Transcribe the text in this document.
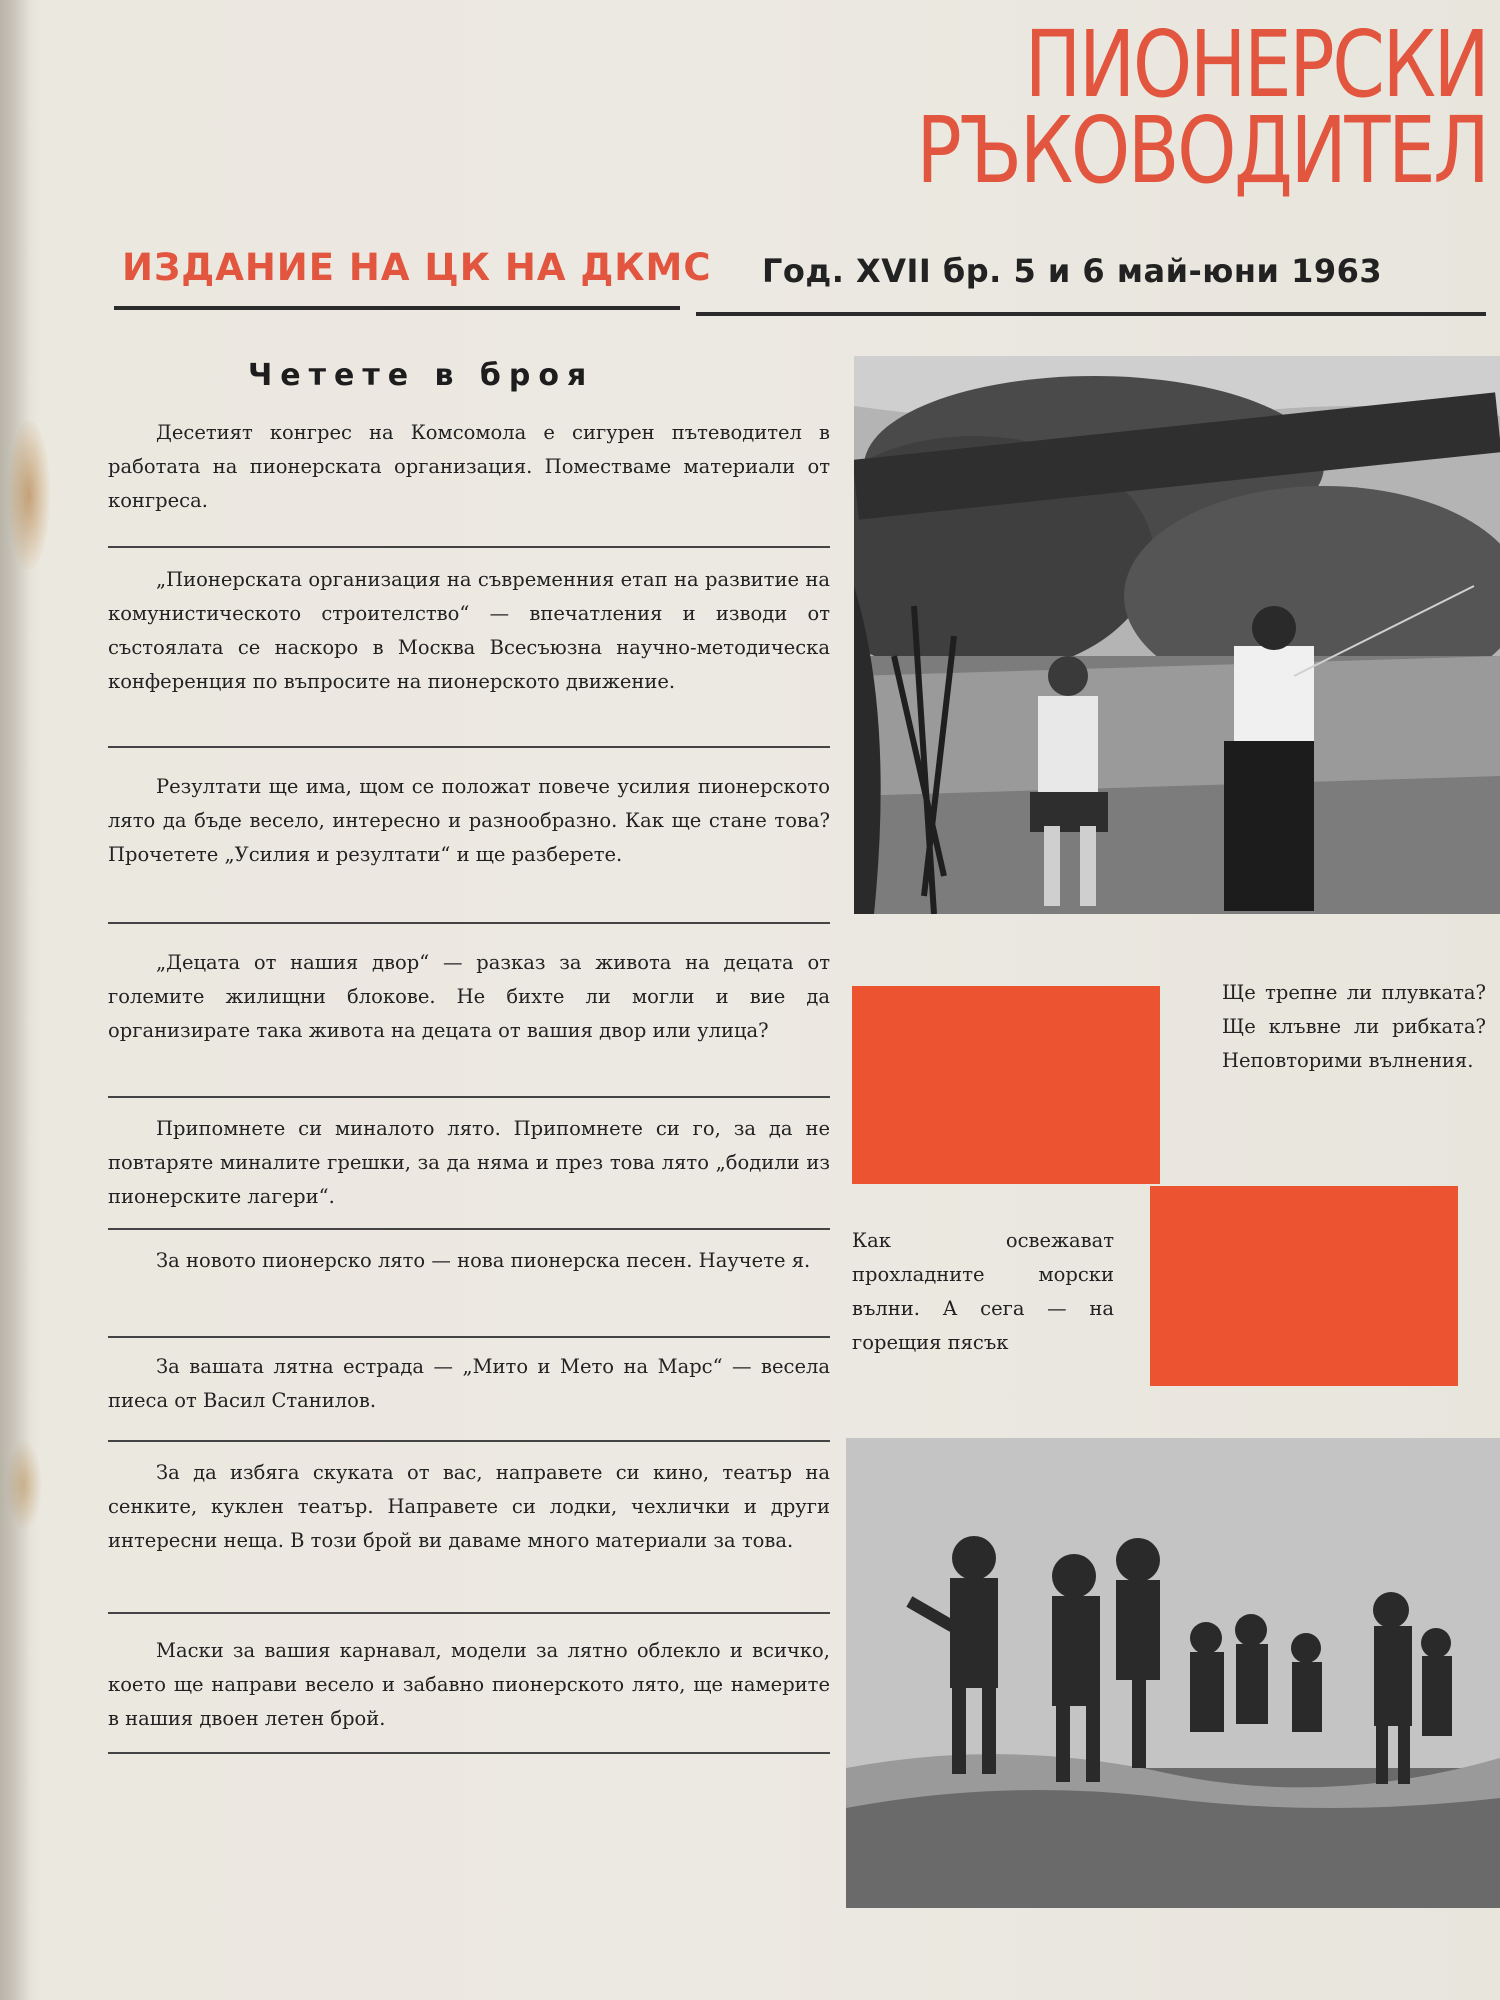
ПИОНЕРСКИ
РЪКОВОДИТЕЛ
ИЗДАНИЕ НА ЦК НА ДКМС Год. XVII бр. 5 и 6 май-юни 1963
Четете в броя
Десетият конгрес на Комсомола е сигурен пътеводител в работата на пионерската организация. Поместваме материали от конгреса.
„Пионерската организация на съвременния етап на развитие на комунистическото строителство“ — впечатления и изводи от състоялата се наскоро в Москва Всесъюзна научно-методическа конференция по въпросите на пионерското движение.
Резултати ще има, щом се положат повече усилия пионерското лято да бъде весело, интересно и разнообразно. Как ще стане това? Прочетете „Усилия и резултати“ и ще разберете.
„Децата от нашия двор“ — разказ за живота на децата от големите жилищни блокове. Не бихте ли могли и вие да организирате така живота на децата от вашия двор или улица?
Припомнете си миналото лято. Припомнете си го, за да не повтаряте миналите грешки, за да няма и през това лято „бодили из пионерските лагери“.
За новото пионерско лято — нова пионерска песен. Научете я.
За вашата лятна естрада — „Мито и Мето на Марс“ — весела пиеса от Васил Станилов.
За да избяга скуката от вас, направете си кино, театър на сенките, куклен театър. Направете си лодки, чехлички и други интересни неща. В този брой ви даваме много материали за това.
Маски за вашия карнавал, модели за лятно облекло и всичко, което ще направи весело и забавно пионерското лято, ще намерите в нашия двоен летен брой.
Ще трепне ли плувката? Ще клъвне ли рибката? Неповторими вълнения.
Как освежават прохладните морски вълни. А сега — на горещия пясък
